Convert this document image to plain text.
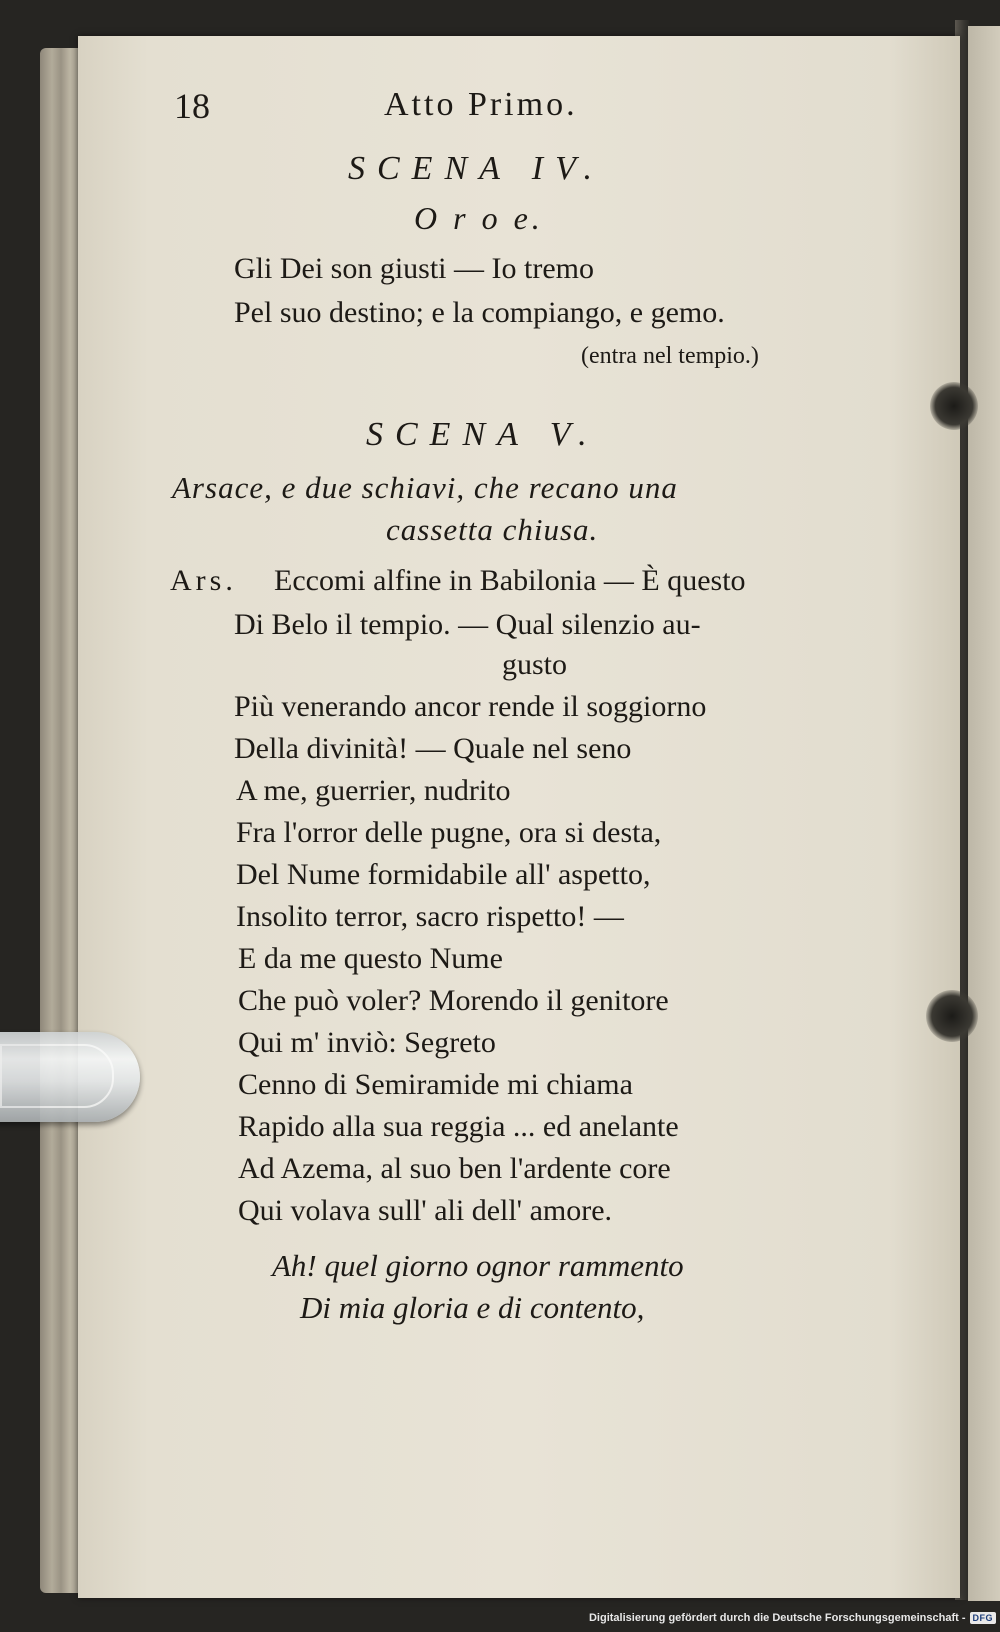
18	Atto Primo.
SCENA IV.
O r o e.
Gli Dei son giusti — Io tremo
Pel suo destino; e la compiango, e gemo.
(entra nel tempio.)
SCENA V.
Arsace, e due schiavi, che recano una
cassetta chiusa.
Ars. Eccomi alfine in Babilonia — È questo
Di Belo il tempio. — Qual silenzio au-
gusto
Più venerando ancor rende il soggiorno
Della divinità! — Quale nel seno
A me, guerrier, nudrito
Fra l'orror delle pugne, ora si desta,
Del Nume formidabile all' aspetto,
Insolito terror, sacro rispetto! —
E da me questo Nume
Che può voler? Morendo il genitore
Qui m' inviò: Segreto
Cenno di Semiramide mi chiama
Rapido alla sua reggia ... ed anelante
Ad Azema, al suo ben l'ardente core
Qui volava sull' ali dell' amore.
Ah! quel giorno ognor rammento
Di mia gloria e di contento,
Digitalisierung gefördert durch die Deutsche Forschungsgemeinschaft - DFG
